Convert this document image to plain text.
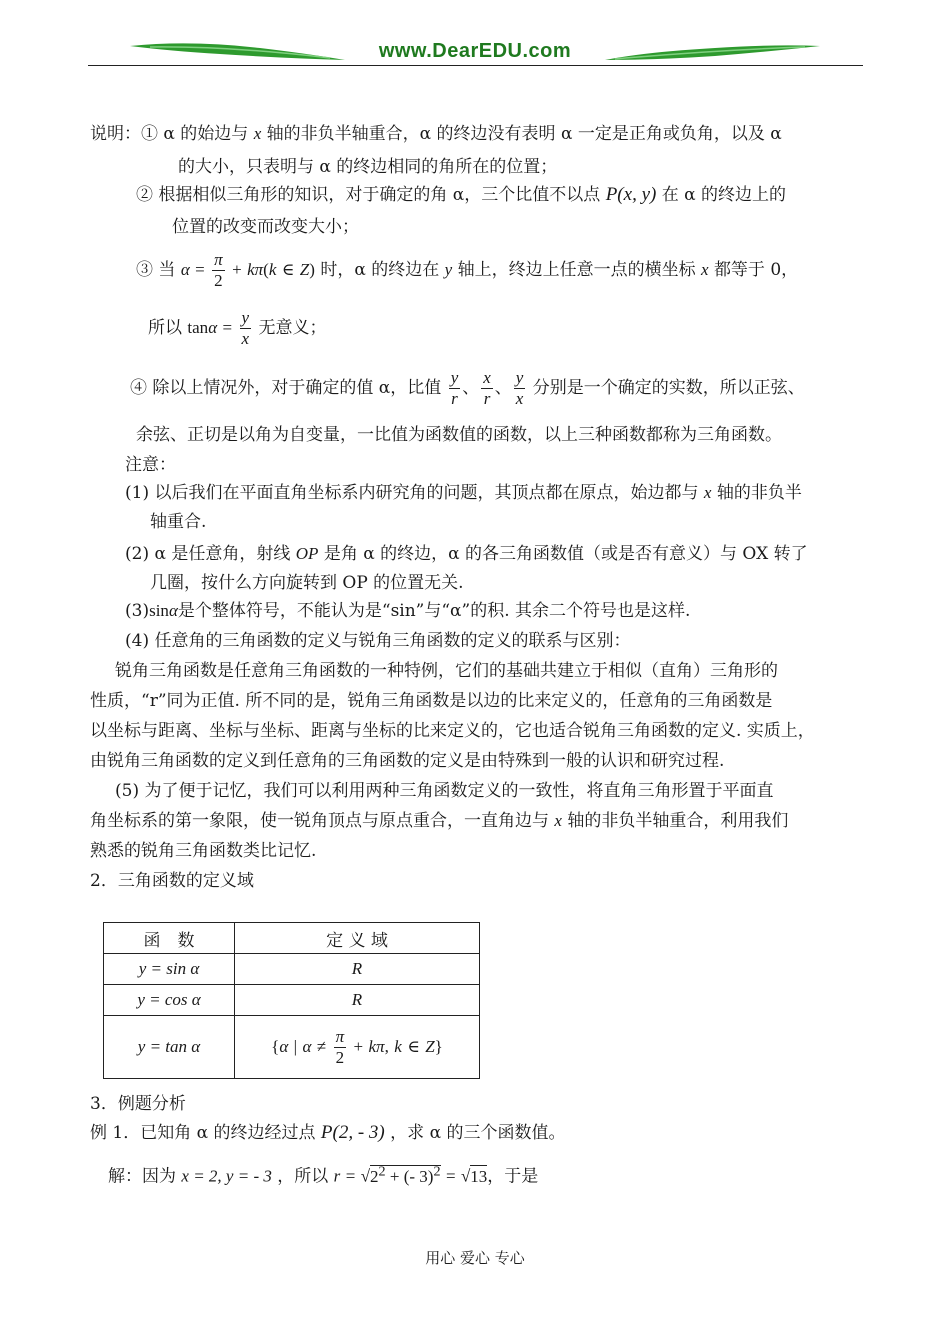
www.DearEDU.com
说明：① α 的始边与 x 轴的非负半轴重合，α 的终边没有表明 α 一定是正角或负角，以及 α
的大小，只表明与 α 的终边相同的角所在的位置；
② 根据相似三角形的知识，对于确定的角 α，三个比值不以点 P(x, y) 在 α 的终边上的
位置的改变而改变大小；
③ 当 $\alpha = \frac{\pi}{2} + k\pi(k$ ∈ Z) 时，α 的终边在 y 轴上，终边上任意一点的横坐标 x 都等于 0，
所以 $\tan\alpha = \frac{y}{x}$ 无意义；
④ 除以上情况外，对于确定的值 α，比值 $\frac{y}{r}$ 、 $\frac{x}{r}$ 、 $\frac{y}{x}$ 分别是一个确定的实数，所以正弦、
余弦、正切是以角为自变量，一比值为函数值的函数，以上三种函数都称为三角函数。
注意：
(1) 以后我们在平面直角坐标系内研究角的问题，其顶点都在原点，始边都与 x 轴的非负半
轴重合.
(2) α 是任意角，射线 OP 是角 α 的终边，α 的各三角函数值（或是否有意义）与 OX 转了
几圈，按什么方向旋转到 OP 的位置无关.
(3)sinα是个整体符号，不能认为是“sin”与“α”的积. 其余二个符号也是这样.
(4) 任意角的三角函数的定义与锐角三角函数的定义的联系与区别：
锐角三角函数是任意角三角函数的一种特例，它们的基础共建立于相似（直角）三角形的
性质，“r”同为正值. 所不同的是，锐角三角函数是以边的比来定义的，任意角的三角函数是
以坐标与距离、坐标与坐标、距离与坐标的比来定义的，它也适合锐角三角函数的定义. 实质上，
由锐角三角函数的定义到任意角的三角函数的定义是由特殊到一般的认识和研究过程.
(5) 为了便于记忆，我们可以利用两种三角函数定义的一致性，将直角三角形置于平面直
角坐标系的第一象限，使一锐角顶点与原点重合，一直角边与 x 轴的非负半轴重合，利用我们
熟悉的锐角三角函数类比记忆.
2．三角函数的定义域
函　数	定 义 域
y = sin α	R
y = cos α	R
y = tan α	{α | $\alpha \ne \frac{\pi}{2} + k\pi$, k ∈ Z}
3．例题分析
例 1．已知角 α 的终边经过点 P(2, - 3) ，求 α 的三个函数值。
解：因为 x = 2, y = - 3 ，所以 $r = √2^2$ + (- 3)$^2$ = √13，于是
用心 爱心 专心
